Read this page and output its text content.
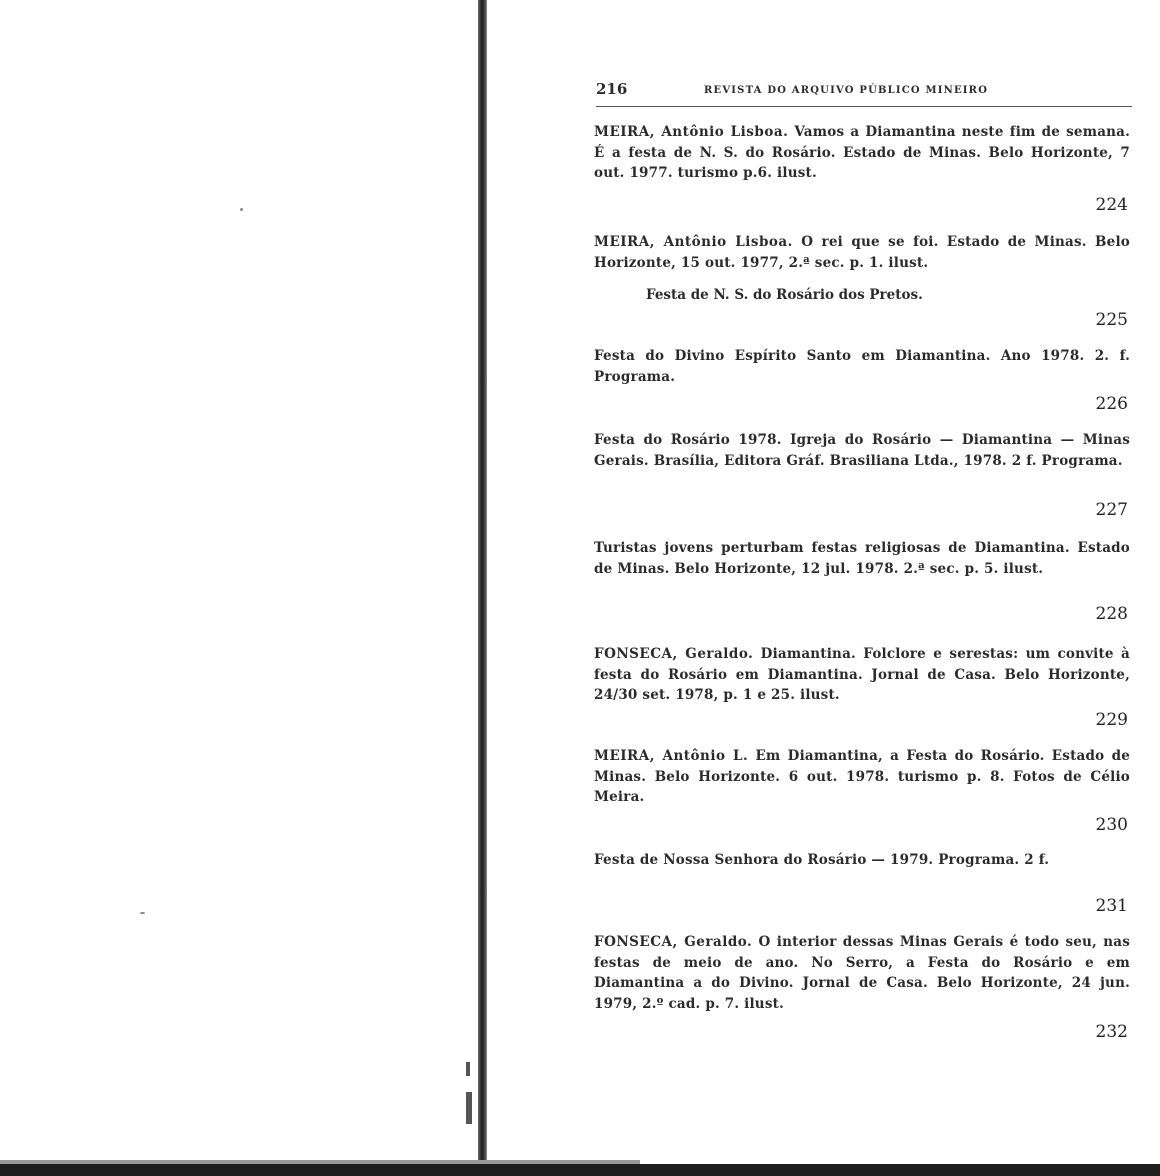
216	REVISTA DO ARQUIVO PÚBLICO MINEIRO

MEIRA, Antônio Lisboa. Vamos a Diamantina neste fim de semana. É a festa de N. S. do Rosário. Estado de Minas. Belo Horizonte, 7 out. 1977. turismo p.6. ilust.

224

MEIRA, Antônio Lisboa. O rei que se foi. Estado de Minas. Belo Horizonte, 15 out. 1977, 2.ª sec. p. 1. ilust.

Festa de N. S. do Rosário dos Pretos.
225

Festa do Divino Espírito Santo em Diamantina. Ano 1978. 2. f. Programa.

226

Festa do Rosário 1978. Igreja do Rosário — Diamantina — Minas Gerais. Brasília, Editora Gráf. Brasiliana Ltda., 1978. 2 f. Programa.

227

Turistas jovens perturbam festas religiosas de Diamantina. Estado de Minas. Belo Horizonte, 12 jul. 1978. 2.ª sec. p. 5. ilust.

228

FONSECA, Geraldo. Diamantina. Folclore e serestas: um convite à festa do Rosário em Diamantina. Jornal de Casa. Belo Horizonte, 24/30 set. 1978, p. 1 e 25. ilust.

229

MEIRA, Antônio L. Em Diamantina, a Festa do Rosário. Estado de Minas. Belo Horizonte. 6 out. 1978. turismo p. 8. Fotos de Célio Meira.

230

Festa de Nossa Senhora do Rosário — 1979. Programa. 2 f.

231

FONSECA, Geraldo. O interior dessas Minas Gerais é todo seu, nas festas de meio de ano. No Serro, a Festa do Rosário e em Diamantina a do Divino. Jornal de Casa. Belo Horizonte, 24 jun. 1979, 2.º cad. p. 7. ilust.

232
